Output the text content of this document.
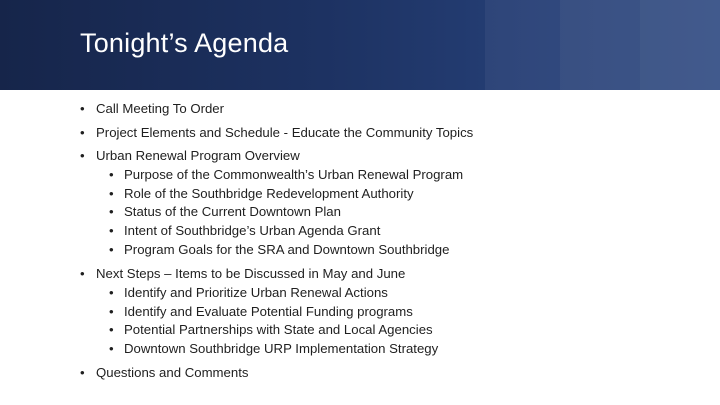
Tonight’s Agenda
• Call Meeting To Order
• Project Elements and Schedule - Educate the Community Topics
• Urban Renewal Program Overview
• Purpose of the Commonwealth’s Urban Renewal Program
• Role of the Southbridge Redevelopment Authority
• Status of the Current Downtown Plan
• Intent of Southbridge’s Urban Agenda Grant
• Program Goals for the SRA and Downtown Southbridge
• Next Steps – Items to be Discussed in May and June
• Identify and Prioritize Urban Renewal Actions
• Identify and Evaluate Potential Funding programs
• Potential Partnerships with State and Local Agencies
• Downtown Southbridge URP Implementation Strategy
• Questions and Comments
